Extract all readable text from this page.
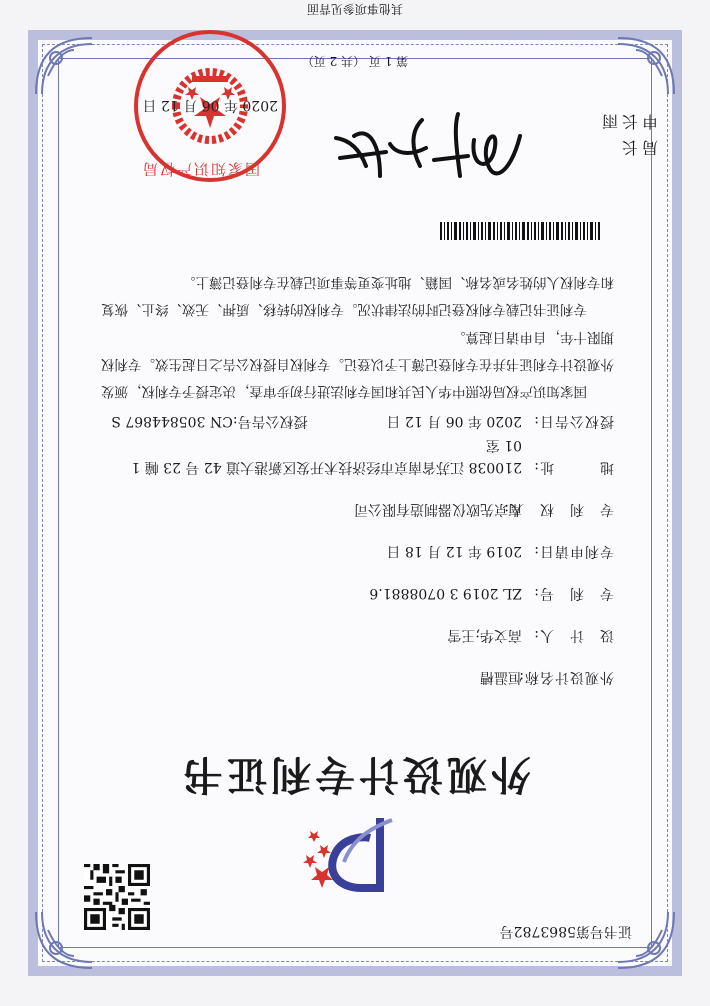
证书号第5863782号
外观设计专利证书
外观设计名称:恒温槽
设　计　人:高文华;王雪
专　利　号:ZL 2019 3 0708881.6
专利申请日:2019 年 12 月 18 日
专　利　权　人:南京先欧仪器制造有限公司
地　　　址:210038 江苏省南京市经济技术开发区新港大道 42 号 23 幢 1
01 室
授权公告日:2020 年 06 月 12 日  授权公告号:CN 305844867 S
国家知识产权局依照中华人民共和国专利法进行初步审查，决定授予专利权，颁发外观设计专利证书并在专利登记簿上予以登记。专利权自授权公告之日起生效。专利权期限十年，自申请日起算。
专利证书记载专利权登记时的法律状况。专利权的转移、质押、无效、终止、恢复和专利权人的姓名或名称、国籍、地址变更等事项记载在专利登记簿上。
局长
申长雨
国家知识产权局
2020 年 06 月 12 日
第 1 页 （共 2 页）
其他事项参见背面
